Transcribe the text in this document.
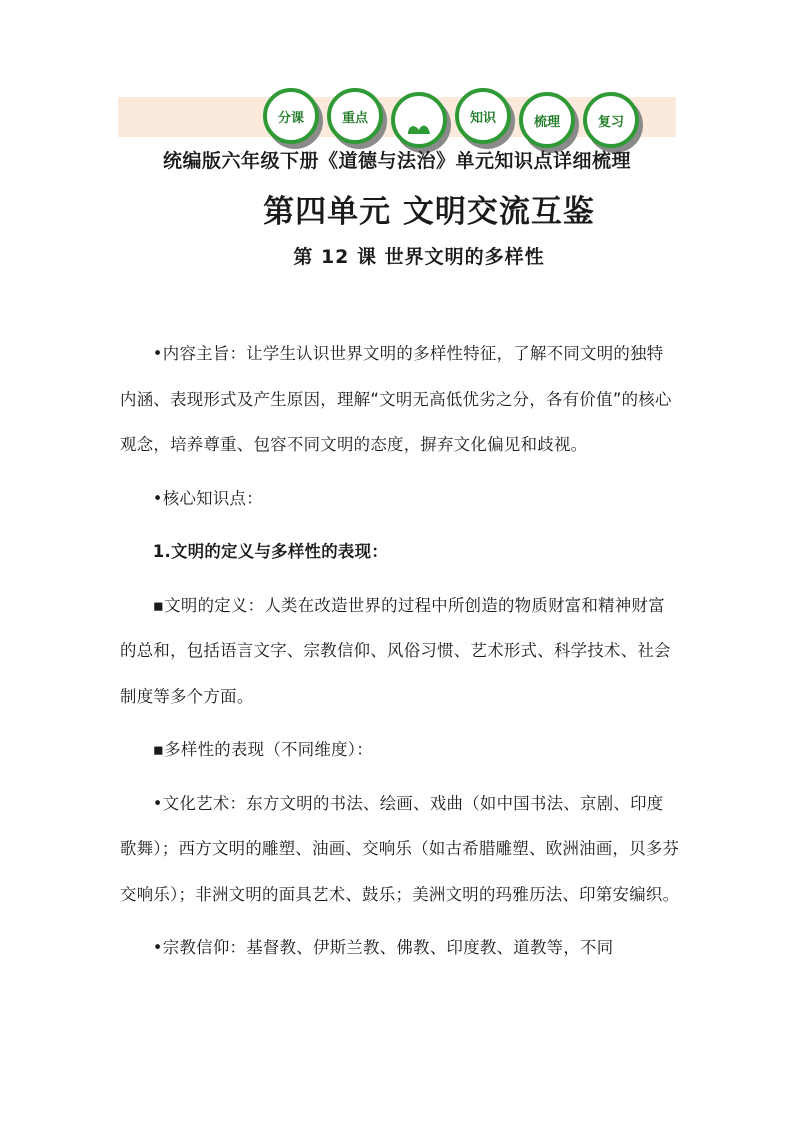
分课	重点	知识	梳理	复习
统编版六年级下册《道德与法治》单元知识点详细梳理
第四单元 文明交流互鉴
第 12 课 世界文明的多样性

•内容主旨：让学生认识世界文明的多样性特征，了解不同文明的独特内涵、表现形式及产生原因，理解“文明无高低优劣之分，各有价值”的核心观念，培养尊重、包容不同文明的态度，摒弃文化偏见和歧视。

•核心知识点：

1.文明的定义与多样性的表现：

▪文明的定义：人类在改造世界的过程中所创造的物质财富和精神财富的总和，包括语言文字、宗教信仰、风俗习惯、艺术形式、科学技术、社会制度等多个方面。

▪多样性的表现（不同维度）：

•文化艺术：东方文明的书法、绘画、戏曲（如中国书法、京剧、印度歌舞）；西方文明的雕塑、油画、交响乐（如古希腊雕塑、欧洲油画，贝多芬交响乐）；非洲文明的面具艺术、鼓乐；美洲文明的玛雅历法、印第安编织。

•宗教信仰：基督教、伊斯兰教、佛教、印度教、道教等，不同
